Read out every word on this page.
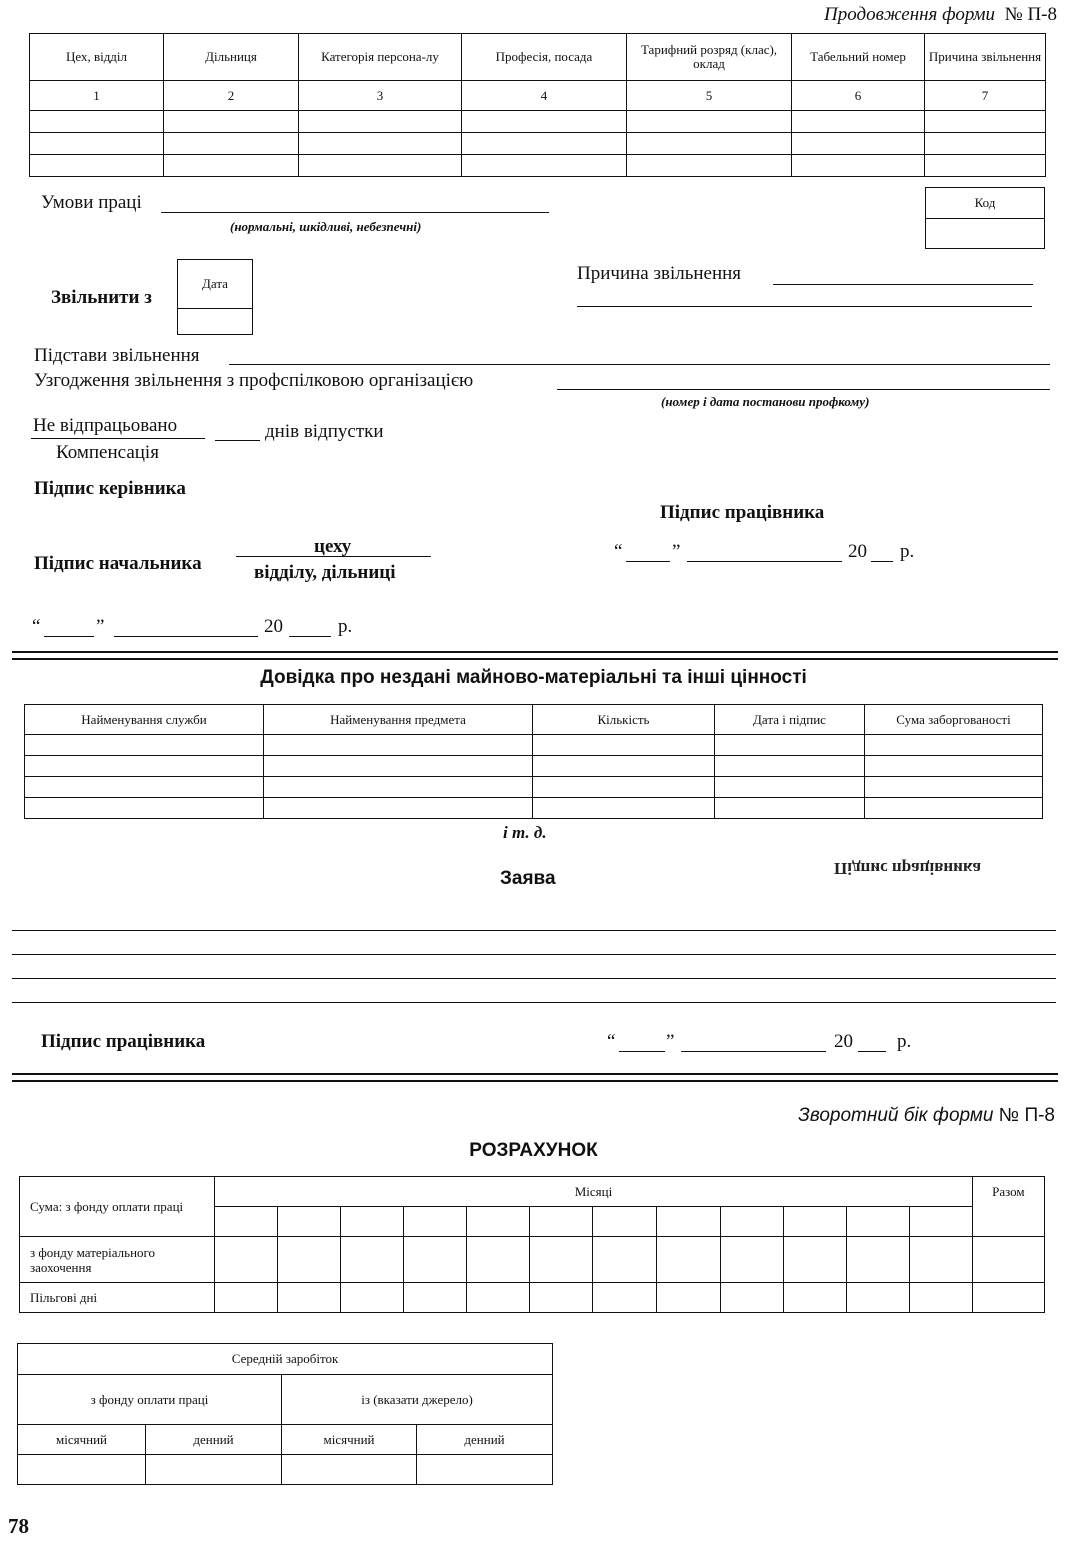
Продовження форми № П-8
Цех, відділ	Дільниця	Категорія персона-лу	Професія, посада	Тарифний розряд (клас), оклад	Табельний номер	Причина звільнення
1	2	3	4	5	6	7

Умови праці
(нормальні, шкідливі, небезпечні)
Код

Звільнити з
Дата	Причина звільнення
Підстави звільнення
Узгодження звільнення з профспілковою організацією
(номер і дата постанови профкому)
Не відпрацьовано
Компенсація
днів відпустки
Підпис керівника
Підпис працівника
Підпис начальника
цеху
відділу, дільниці
“	”	20 р.
“	”	20	р.
Довідка про нездані майново-матеріальні та інші цінності
Найменування служби	Найменування предмета	Кількість	Дата і підпис	Сума заборгованості

і т. д.
Підпис працівника
Заява
Підпис працівника	“	”	20 р.
Зворотний бік форми № П-8
РОЗРАХУНОК
Сума: з фонду оплати праці	Місяці												Разом

з фонду матеріального заохочення													
Пільгові дні													
Середній заробіток			
з фонду оплати праці		із (вказати джерело)	
місячний	денний	місячний	денний

78
